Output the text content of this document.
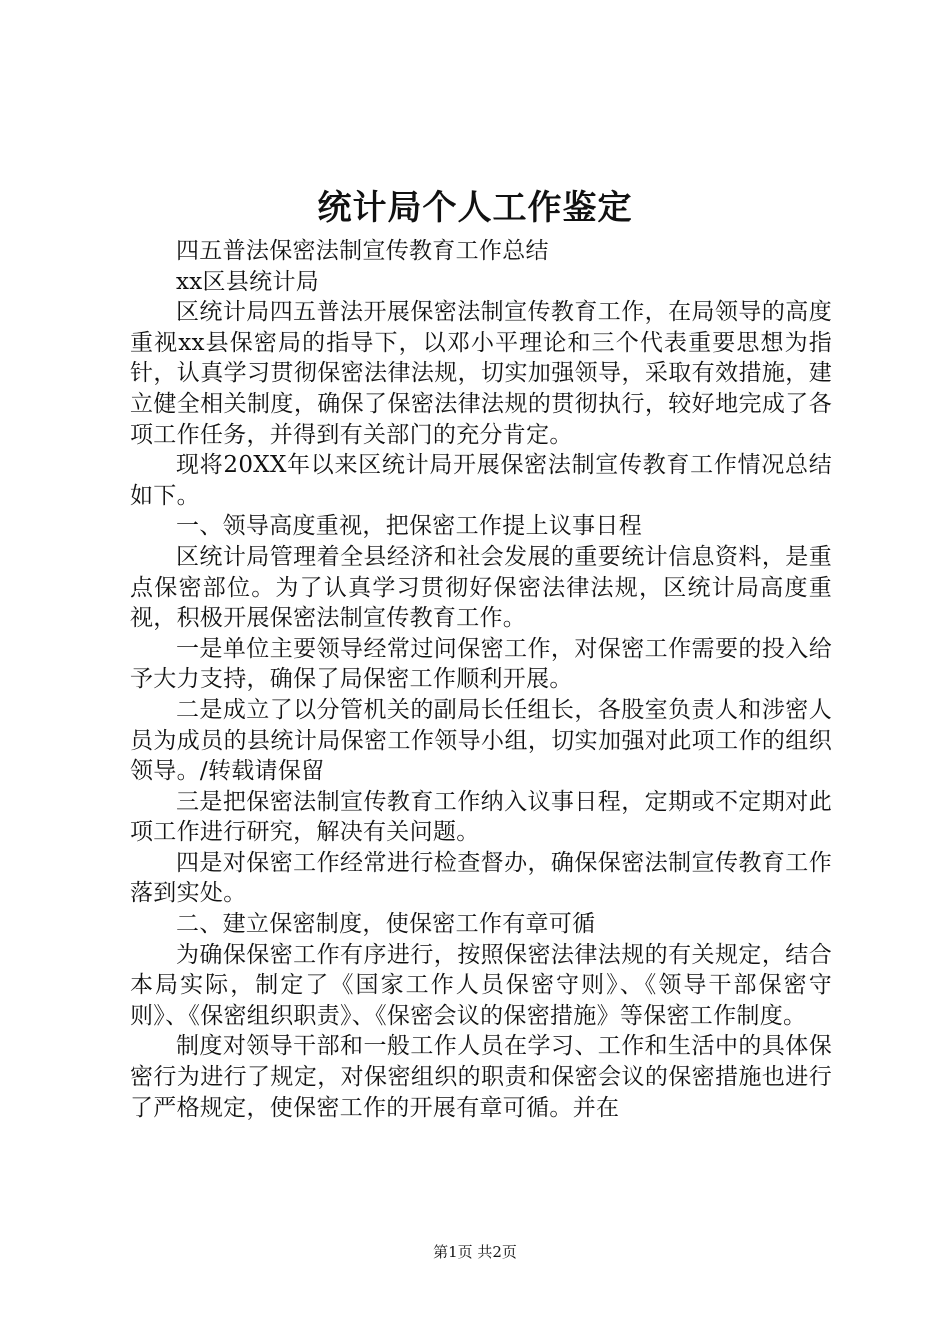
统计局个人工作鉴定

四五普法保密法制宣传教育工作总结

xx区县统计局

区统计局四五普法开展保密法制宣传教育工作，在局领导的高度重视xx县保密局的指导下，以邓小平理论和三个代表重要思想为指针，认真学习贯彻保密法律法规，切实加强领导，采取有效措施，建立健全相关制度，确保了保密法律法规的贯彻执行，较好地完成了各项工作任务，并得到有关部门的充分肯定。

现将20XX年以来区统计局开展保密法制宣传教育工作情况总结如下。

一、领导高度重视，把保密工作提上议事日程

区统计局管理着全县经济和社会发展的重要统计信息资料，是重点保密部位。为了认真学习贯彻好保密法律法规，区统计局高度重视，积极开展保密法制宣传教育工作。

一是单位主要领导经常过问保密工作，对保密工作需要的投入给予大力支持，确保了局保密工作顺利开展。

二是成立了以分管机关的副局长任组长，各股室负责人和涉密人员为成员的县统计局保密工作领导小组，切实加强对此项工作的组织领导。/转载请保留

三是把保密法制宣传教育工作纳入议事日程，定期或不定期对此项工作进行研究，解决有关问题。

四是对保密工作经常进行检查督办，确保保密法制宣传教育工作落到实处。

二、建立保密制度，使保密工作有章可循

为确保保密工作有序进行，按照保密法律法规的有关规定，结合本局实际，制定了《国家工作人员保密守则》、《领导干部保密守则》、《保密组织职责》、《保密会议的保密措施》等保密工作制度。

制度对领导干部和一般工作人员在学习、工作和生活中的具体保密行为进行了规定，对保密组织的职责和保密会议的保密措施也进行了严格规定，使保密工作的开展有章可循。并在

第1页 共2页
